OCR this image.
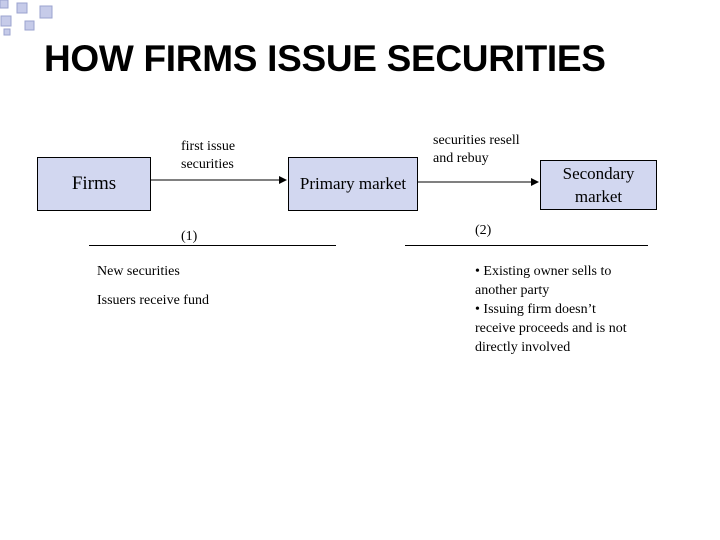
HOW FIRMS ISSUE SECURITIES
Firms	Primary market
Secondary
market
first issue
securities
securities resell
and rebuy
(1)	(2)
New securities
Issuers receive fund
• Existing owner sells to
another party
• Issuing firm doesn’t
receive proceeds and is not
directly involved
